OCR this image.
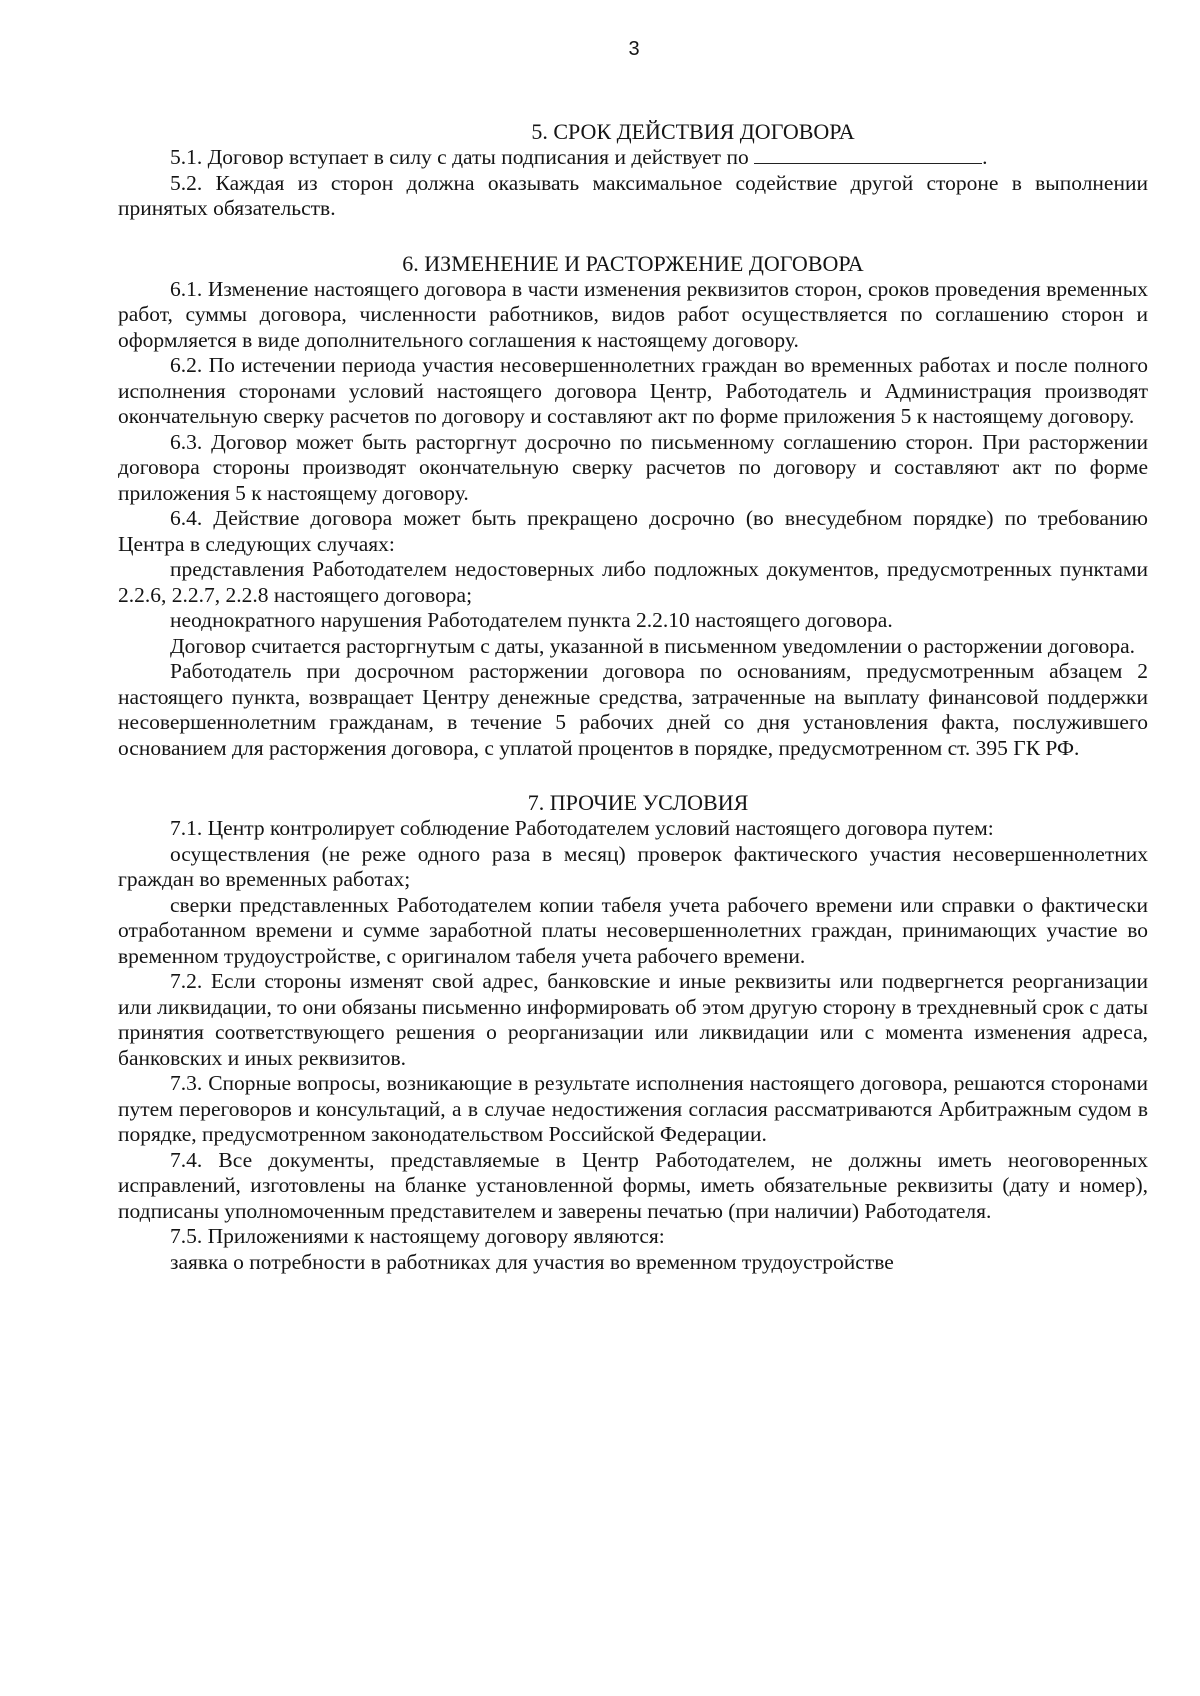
3
5. СРОК ДЕЙСТВИЯ ДОГОВОРА

5.1. Договор вступает в силу с даты подписания и действует по	.

5.2. Каждая из сторон должна оказывать максимальное содействие другой стороне в выполнении принятых обязательств.

6. ИЗМЕНЕНИЕ И РАСТОРЖЕНИЕ ДОГОВОРА

6.1. Изменение настоящего договора в части изменения реквизитов сторон, сроков проведения временных работ, суммы договора, численности работников, видов работ осуществляется по соглашению сторон и оформляется в виде дополнительного соглашения к настоящему договору.

6.2. По истечении периода участия несовершеннолетних граждан во временных работах и после полного исполнения сторонами условий настоящего договора Центр, Работодатель и Администрация производят окончательную сверку расчетов по договору и составляют акт по форме приложения 5 к настоящему договору.

6.3. Договор может быть расторгнут досрочно по письменному соглашению сторон. При расторжении договора стороны производят окончательную сверку расчетов по договору и составляют акт по форме приложения 5 к настоящему договору.

6.4. Действие договора может быть прекращено досрочно (во внесудебном порядке) по требованию Центра в следующих случаях:

представления Работодателем недостоверных либо подложных документов, предусмотренных пунктами 2.2.6, 2.2.7, 2.2.8 настоящего договора;

неоднократного нарушения Работодателем пункта 2.2.10 настоящего договора.

Договор считается расторгнутым с даты, указанной в письменном уведомлении о расторжении договора.

Работодатель при досрочном расторжении договора по основаниям, предусмотренным абзацем 2 настоящего пункта, возвращает Центру денежные средства, затраченные на выплату финансовой поддержки несовершеннолетним гражданам, в течение 5 рабочих дней со дня установления факта, послужившего основанием для расторжения договора, с уплатой процентов в порядке, предусмотренном ст. 395 ГК РФ.

7. ПРОЧИЕ УСЛОВИЯ

7.1. Центр контролирует соблюдение Работодателем условий настоящего договора путем:

осуществления (не реже одного раза в месяц) проверок фактического участия несовершеннолетних граждан во временных работах;

сверки представленных Работодателем копии табеля учета рабочего времени или справки о фактически отработанном времени и сумме заработной платы несовершеннолетних граждан, принимающих участие во временном трудоустройстве, с оригиналом табеля учета рабочего времени.

7.2. Если стороны изменят свой адрес, банковские и иные реквизиты или подвергнется реорганизации или ликвидации, то они обязаны письменно информировать об этом другую сторону в трехдневный срок с даты принятия соответствующего решения о реорганизации или ликвидации или с момента изменения адреса, банковских и иных реквизитов.

7.3. Спорные вопросы, возникающие в результате исполнения настоящего договора, решаются сторонами путем переговоров и консультаций, а в случае недостижения согласия рассматриваются Арбитражным судом в порядке, предусмотренном законодательством Российской Федерации.

7.4. Все документы, представляемые в Центр Работодателем, не должны иметь неоговоренных исправлений, изготовлены на бланке установленной формы, иметь обязательные реквизиты (дату и номер), подписаны уполномоченным представителем и заверены печатью (при наличии) Работодателя.

7.5. Приложениями к настоящему договору являются:

заявка о потребности в работниках для участия во временном трудоустройстве
